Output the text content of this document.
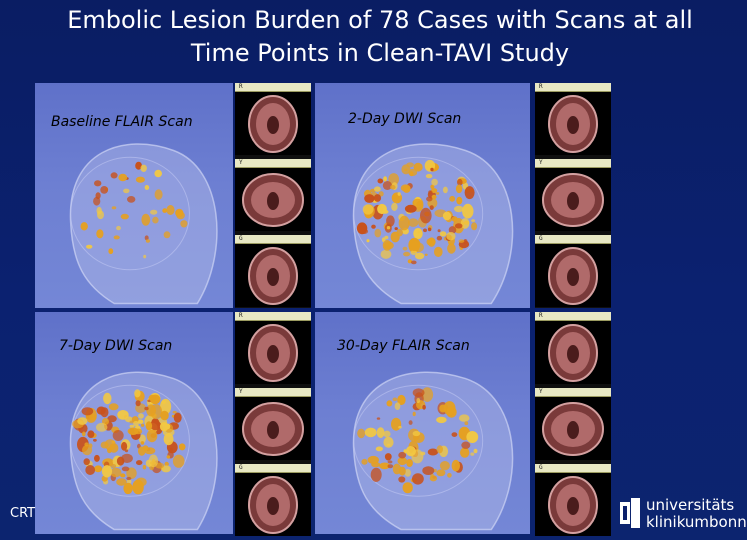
Embolic Lesion Burden of 78 Cases with Scans at all Time Points in Clean-TAVI Study
Baseline FLAIR Scan
R
Y
G
2-Day DWI Scan
R
Y
G
7-Day DWI Scan
R
Y
G
30-Day FLAIR Scan
R
Y
G
CRT	universitäts
klinikumbonn
